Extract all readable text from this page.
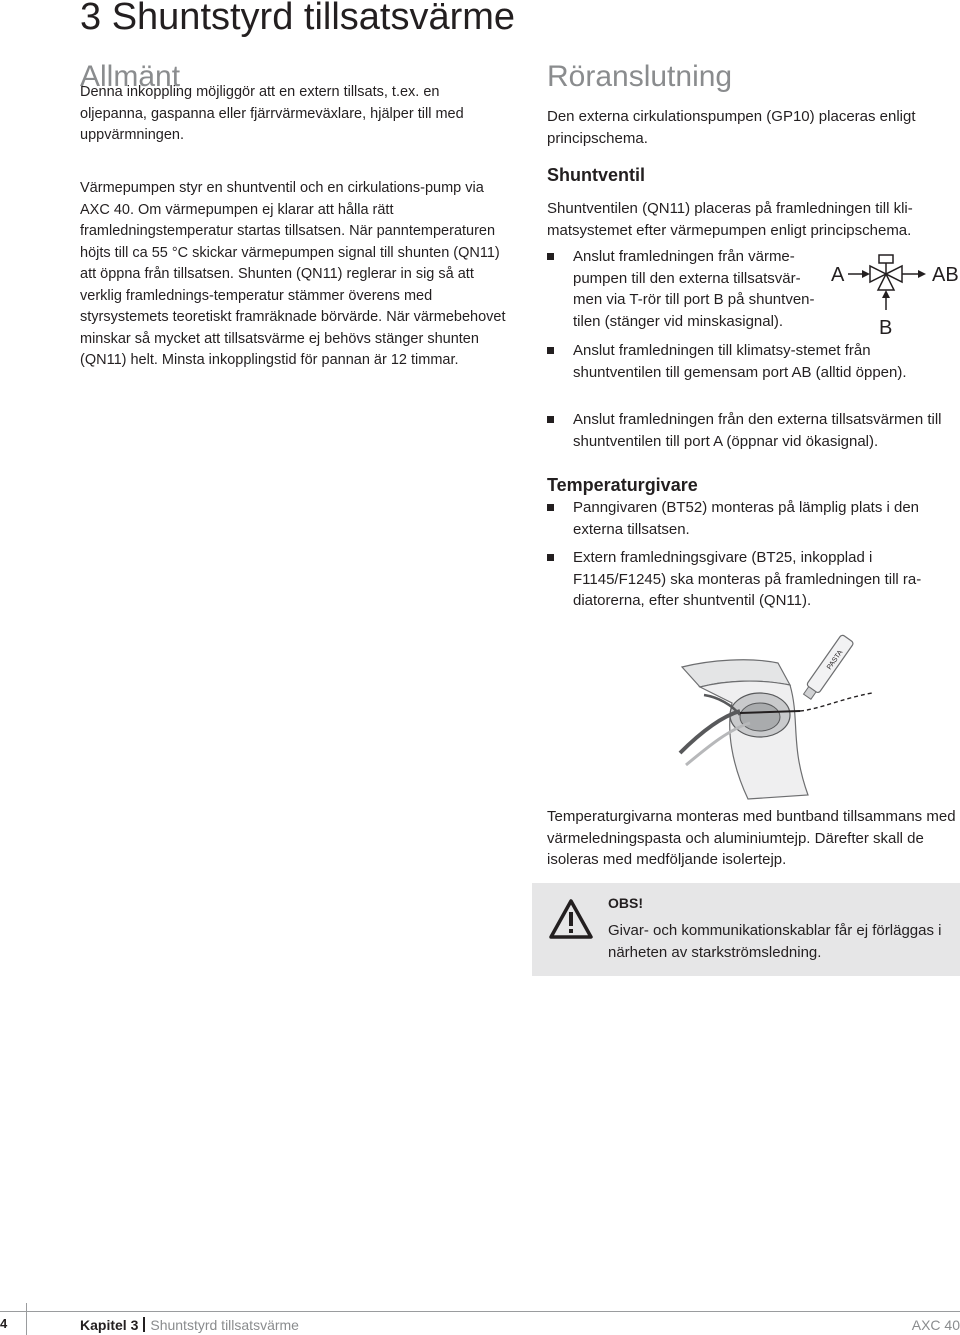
3 Shuntstyrd tillsatsvärme
Allmänt

Denna inkoppling möjliggör att en extern tillsats, t.ex. en oljepanna, gaspanna eller fjärrvärmeväxlare, hjälper till med uppvärmningen.

Värmepumpen styr en shuntventil och en cirkulations-pump via AXC 40. Om värmepumpen ej klarar att hålla rätt framledningstemperatur startas tillsatsen. När panntemperaturen höjts till ca 55 °C skickar värmepumpen signal till shunten (QN11) att öppna från tillsatsen. Shunten (QN11) reglerar in sig så att verklig framlednings-temperatur stämmer överens med styrsystemets teoretiskt framräknade börvärde. När värmebehovet minskar så mycket att tillsatsvärme ej behövs stänger shunten (QN11) helt. Minsta inkopplingstid för pannan är 12 timmar.

Röranslutning

Den externa cirkulationspumpen (GP10) placeras enligt principschema.

Shuntventil

Shuntventilen (QN11) placeras på framledningen till kli-matsystemet efter värmepumpen enligt principschema.

Anslut framledningen från värme-pumpen till den externa tillsatsvär-men via T-rör till port B på shuntven-tilen (stänger vid minskasignal).
A	AB
B
Anslut framledningen till klimatsy-stemet från shuntventilen till gemensam port AB (alltid öppen).
Anslut framledningen från den externa tillsatsvärmen till shuntventilen till port A (öppnar vid ökasignal).
Temperaturgivare
Panngivaren (BT52) monteras på lämplig plats i den externa tillsatsen.
Extern framledningsgivare (BT25, inkopplad i F1145/F1245) ska monteras på framledningen till ra-diatorerna, efter shuntventil (QN11).
PASTA

Temperaturgivarna monteras med buntband tillsammans med värmeledningspasta och aluminiumtejp. Därefter skall de isoleras med medföljande isolertejp.

OBS!
Givar- och kommunikationskablar får ej förläggas i närheten av starkströmsledning.
4	Kapitel 3 Shuntstyrd tillsatsvärme	AXC 40
